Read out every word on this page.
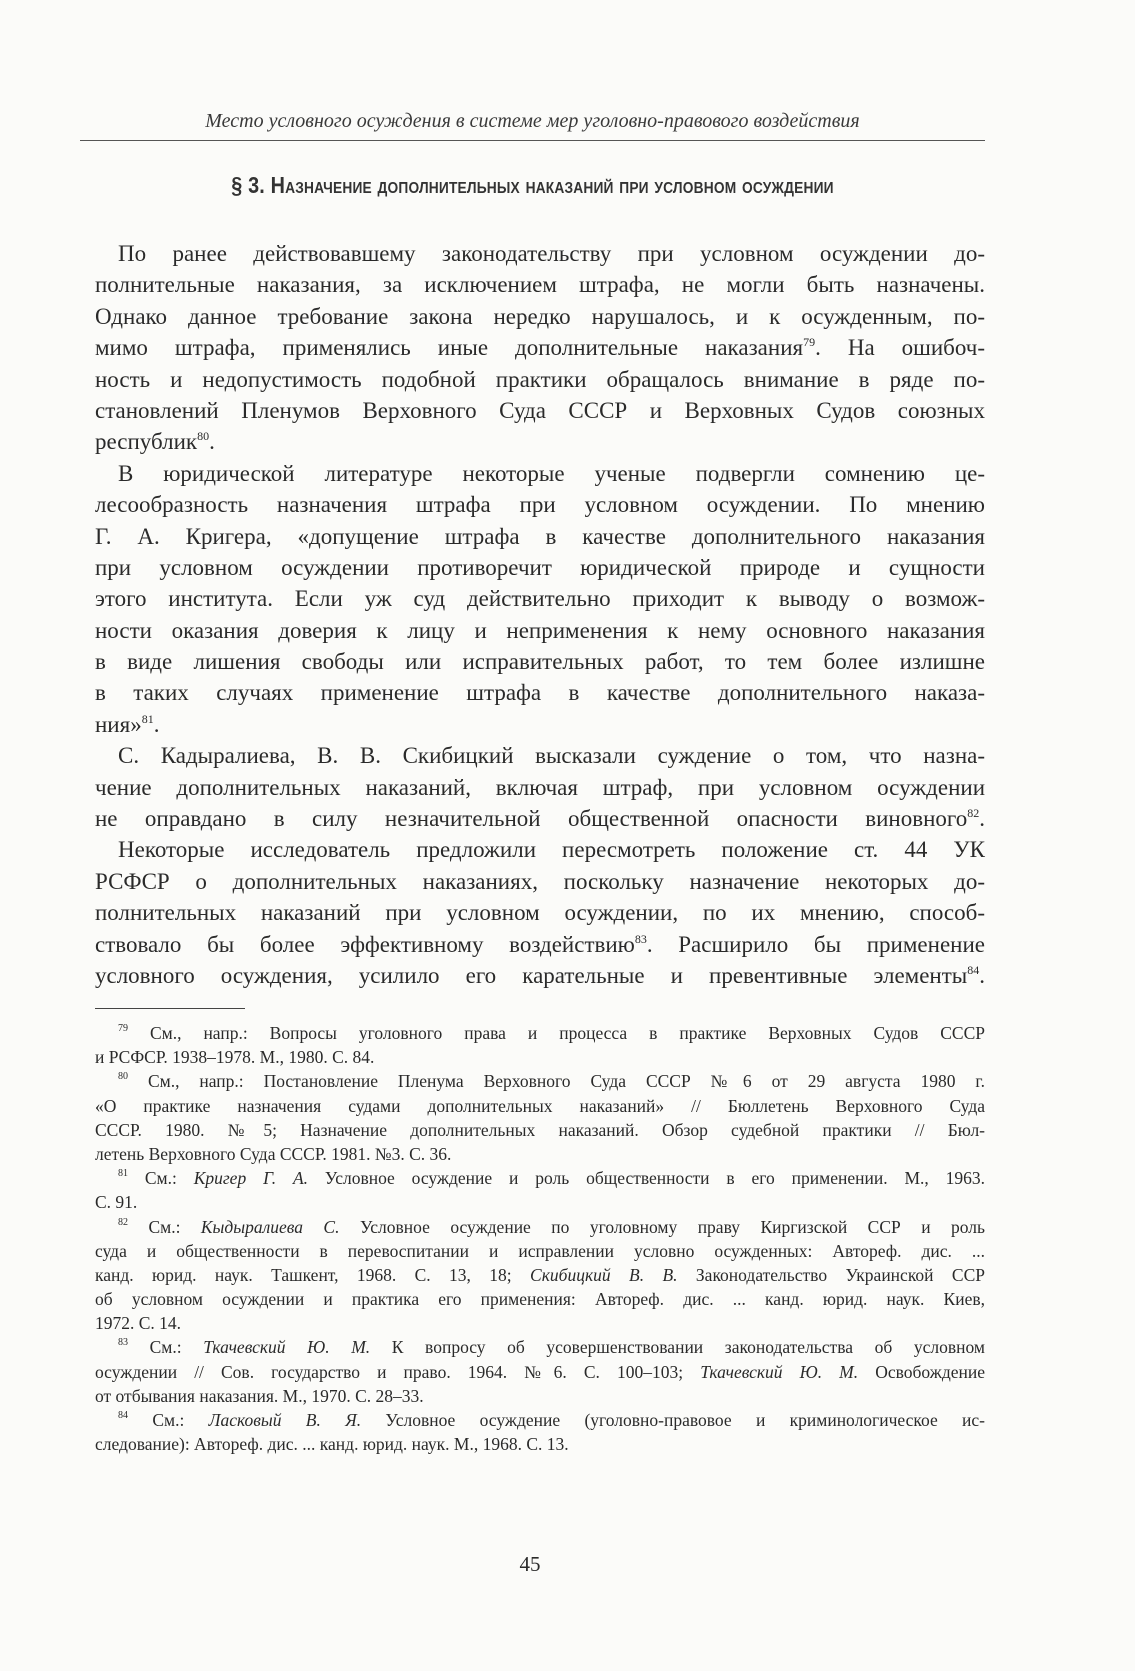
Место условного осуждения в системе мер уголовно-правового воздействия
§ 3. Назначение дополнительных наказаний при условном осуждении
По ранее действовавшему законодательству при условном осуждении до-
полнительные наказания, за исключением штрафа, не могли быть назначены.
Однако данное требование закона нередко нарушалось, и к осужденным, по-
мимо штрафа, применялись иные дополнительные наказания$^{79}$. На ошибоч-
ность и недопустимость подобной практики обращалось внимание в ряде по-
становлений Пленумов Верховного Суда СССР и Верховных Судов союзных
республик$^{80}$.
В юридической литературе некоторые ученые подвергли сомнению це-
лесообразность назначения штрафа при условном осуждении. По мнению
Г. А. Кригера, «допущение штрафа в качестве дополнительного наказания
при условном осуждении противоречит юридической природе и сущности
этого института. Если уж суд действительно приходит к выводу о возмож-
ности оказания доверия к лицу и неприменения к нему основного наказания
в виде лишения свободы или исправительных работ, то тем более излишне
в таких случаях применение штрафа в качестве дополнительного наказа-
ния»$^{81}$.
С. Кадыралиева, В. В. Скибицкий высказали суждение о том, что назна-
чение дополнительных наказаний, включая штраф, при условном осуждении
не оправдано в силу незначительной общественной опасности виновного$^{82}$.
Некоторые исследователь предложили пересмотреть положение ст. 44 УК
РСФСР о дополнительных наказаниях, поскольку назначение некоторых до-
полнительных наказаний при условном осуждении, по их мнению, способ-
ствовало бы более эффективному воздействию$^{83}$. Расширило бы применение
условного осуждения, усилило его карательные и превентивные элементы$^{84}$.
$^{79}$ См., напр.: Вопросы уголовного права и процесса в практике Верховных Судов СССР
и РСФСР. 1938–1978. М., 1980. С. 84.
$^{80}$ См., напр.: Постановление Пленума Верховного Суда СССР №6 от 29 августа 1980 г.
«О практике назначения судами дополнительных наказаний» // Бюллетень Верховного Суда
СССР. 1980. №5; Назначение дополнительных наказаний. Обзор судебной практики // Бюл-
летень Верховного Суда СССР. 1981. №3. С. 36.
$^{81}$ См.: Кригер Г. А. Условное осуждение и роль общественности в его применении. М., 1963.
С. 91.
$^{82}$ См.: Кыдыралиева С. Условное осуждение по уголовному праву Киргизской ССР и роль
суда и общественности в перевоспитании и исправлении условно осужденных: Автореф. дис. ...
канд. юрид. наук. Ташкент, 1968. С. 13, 18; Скибицкий В. В. Законодательство Украинской ССР
об условном осуждении и практика его применения: Автореф. дис. ... канд. юрид. наук. Киев,
1972. С. 14.
$^{83}$ См.: Ткачевский Ю. М. К вопросу об усовершенствовании законодательства об условном
осуждении // Сов. государство и право. 1964. №6. С. 100–103; Ткачевский Ю. М. Освобождение
от отбывания наказания. М., 1970. С. 28–33.
$^{84}$ См.: Ласковый В. Я. Условное осуждение (уголовно-правовое и криминологическое ис-
следование): Автореф. дис. ... канд. юрид. наук. М., 1968. С. 13.
45
